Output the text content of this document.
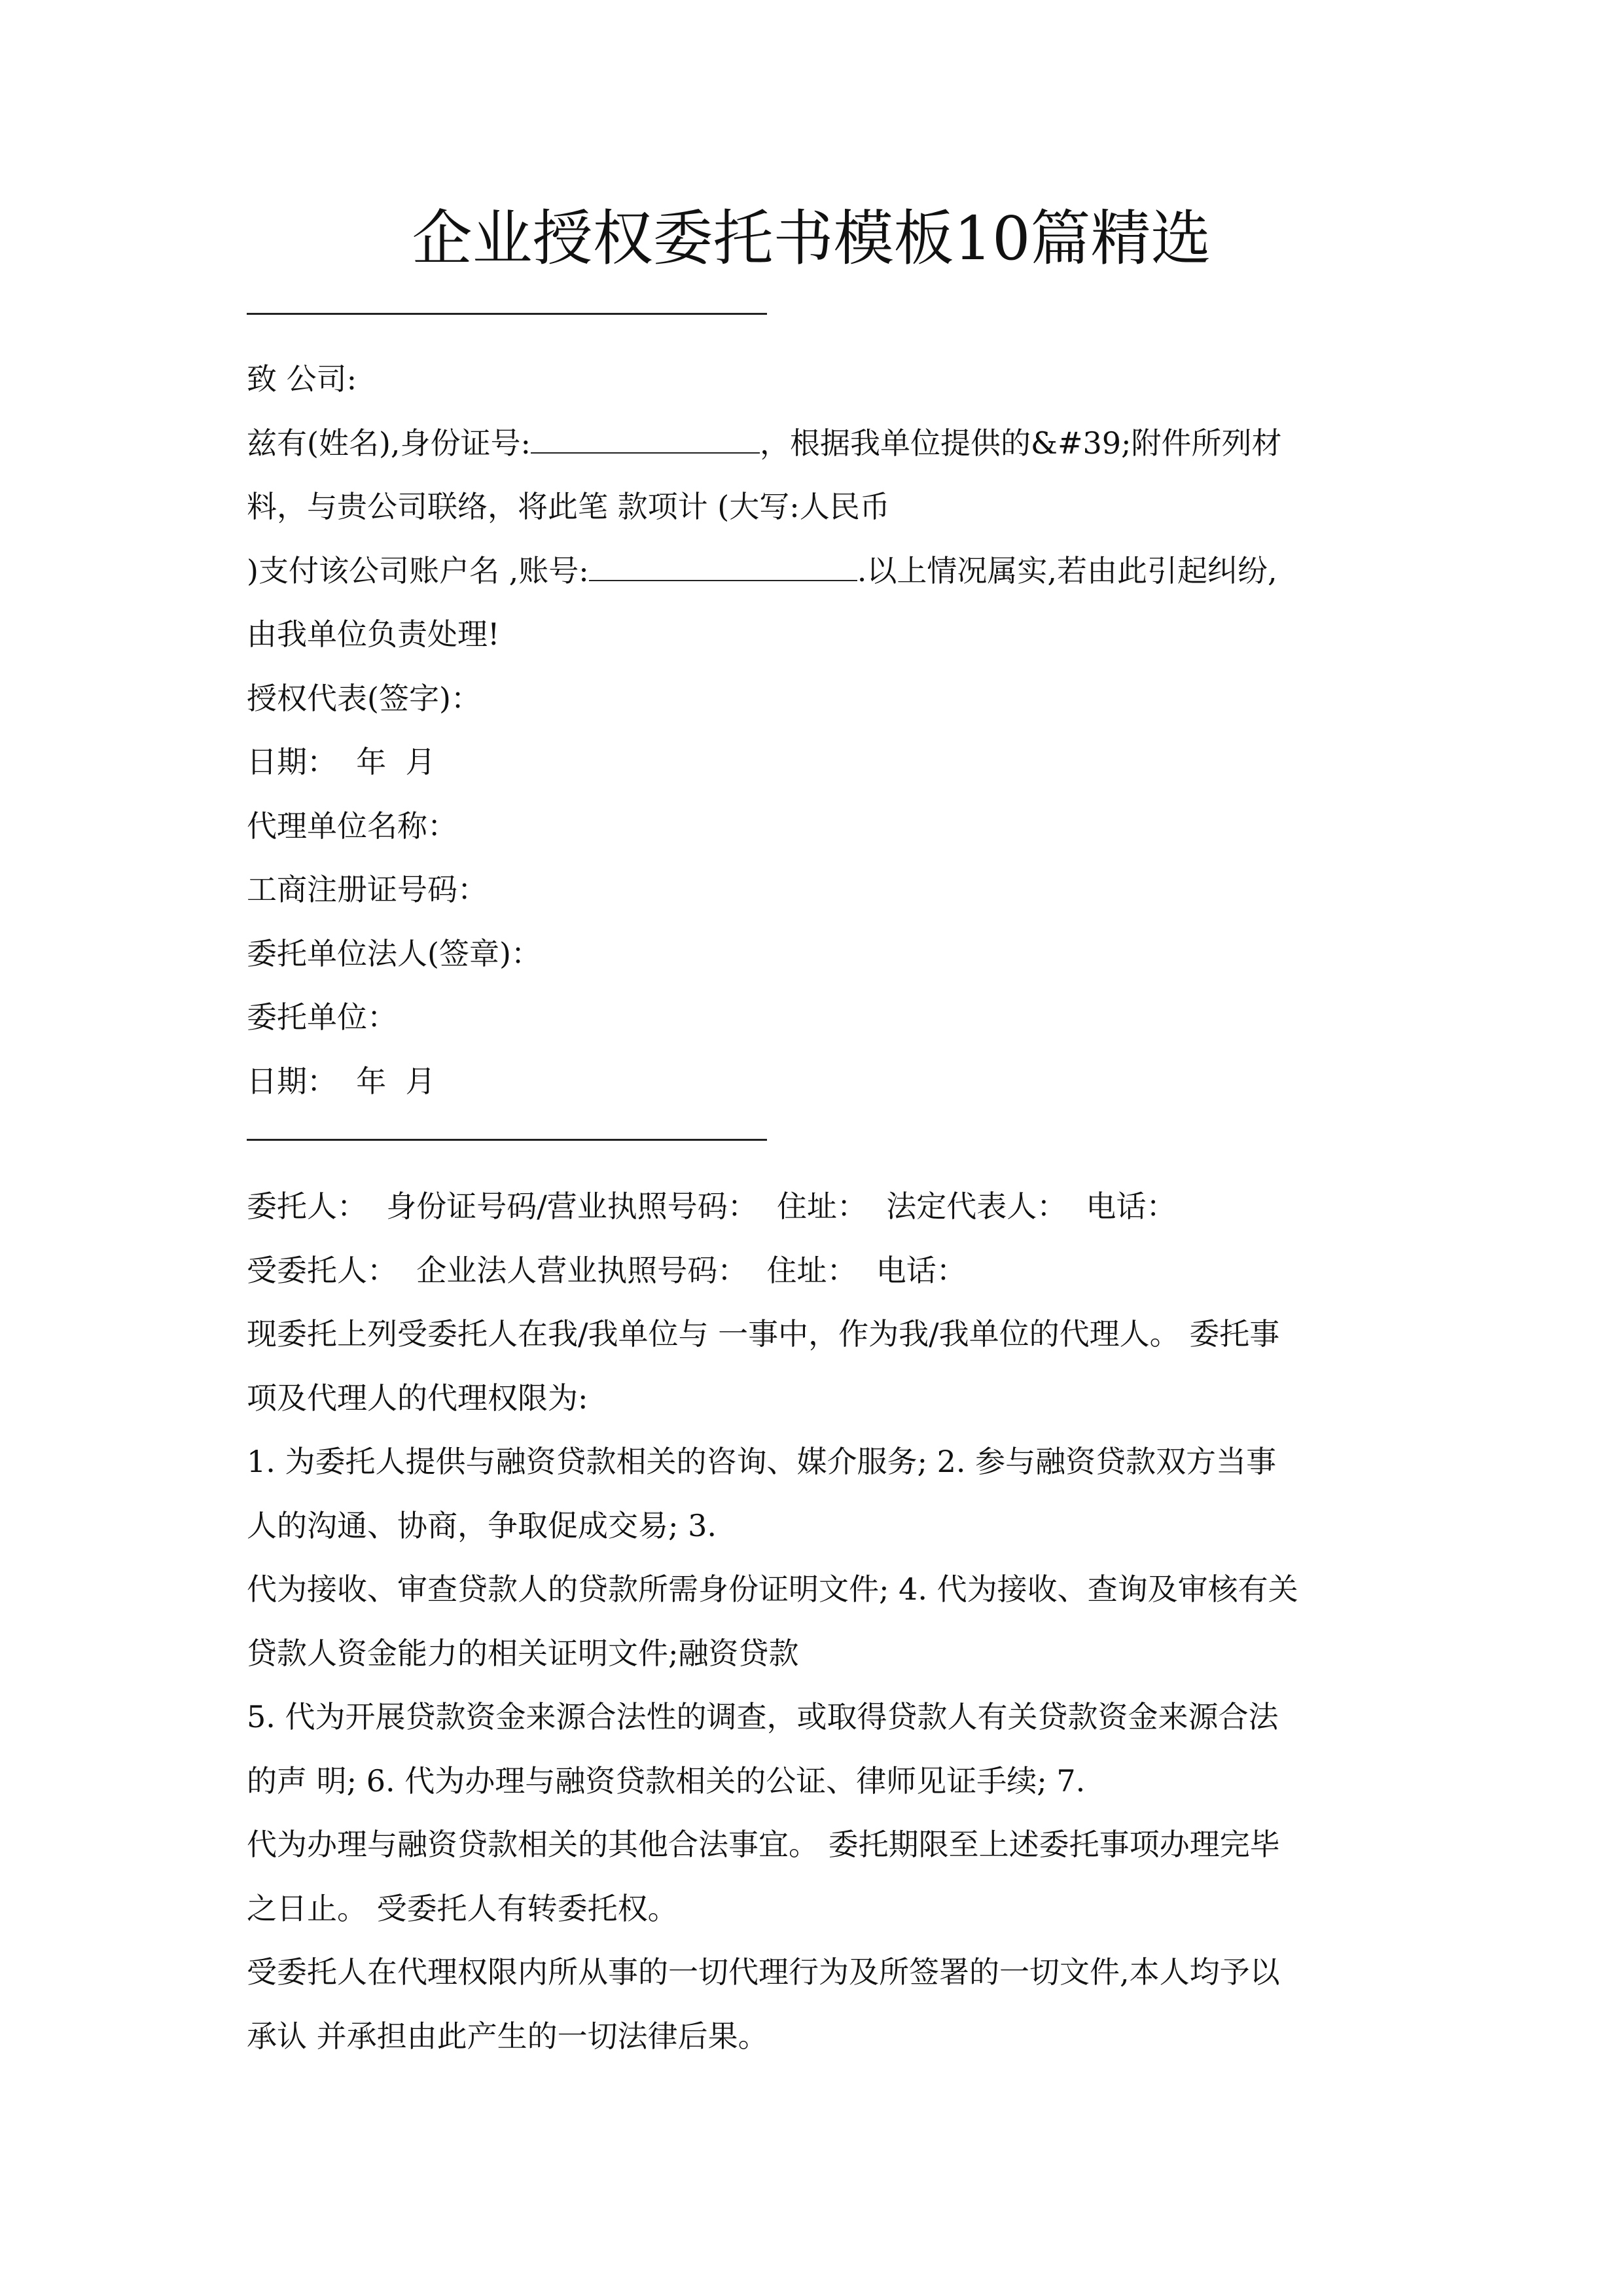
企业授权委托书模板10篇精选
致 公司:
兹有(姓名),身份证号:	，根据我单位提供的&#39;附件所列材
料，与贵公司联络，将此笔 款项计 (大写:人民币
)支付该公司账户名 ,账号:	.以上情况属实,若由此引起纠纷,
由我单位负责处理!
授权代表(签字)：
日期：  年  月
代理单位名称：
工商注册证号码：
委托单位法人(签章)：
委托单位：
日期：  年  月
委托人：  身份证号码/营业执照号码：  住址：  法定代表人：  电话：
受委托人：  企业法人营业执照号码：  住址：  电话：
现委托上列受委托人在我/我单位与 一事中，作为我/我单位的代理人。 委托事
项及代理人的代理权限为:
1. 为委托人提供与融资贷款相关的咨询、媒介服务; 2. 参与融资贷款双方当事
人的沟通、协商，争取促成交易; 3.
代为接收、审查贷款人的贷款所需身份证明文件; 4. 代为接收、查询及审核有关
贷款人资金能力的相关证明文件;融资贷款
5. 代为开展贷款资金来源合法性的调查，或取得贷款人有关贷款资金来源合法
的声 明; 6. 代为办理与融资贷款相关的公证、律师见证手续; 7.
代为办理与融资贷款相关的其他合法事宜。 委托期限至上述委托事项办理完毕
之日止。 受委托人有转委托权。
受委托人在代理权限内所从事的一切代理行为及所签署的一切文件,本人均予以
承认 并承担由此产生的一切法律后果。
